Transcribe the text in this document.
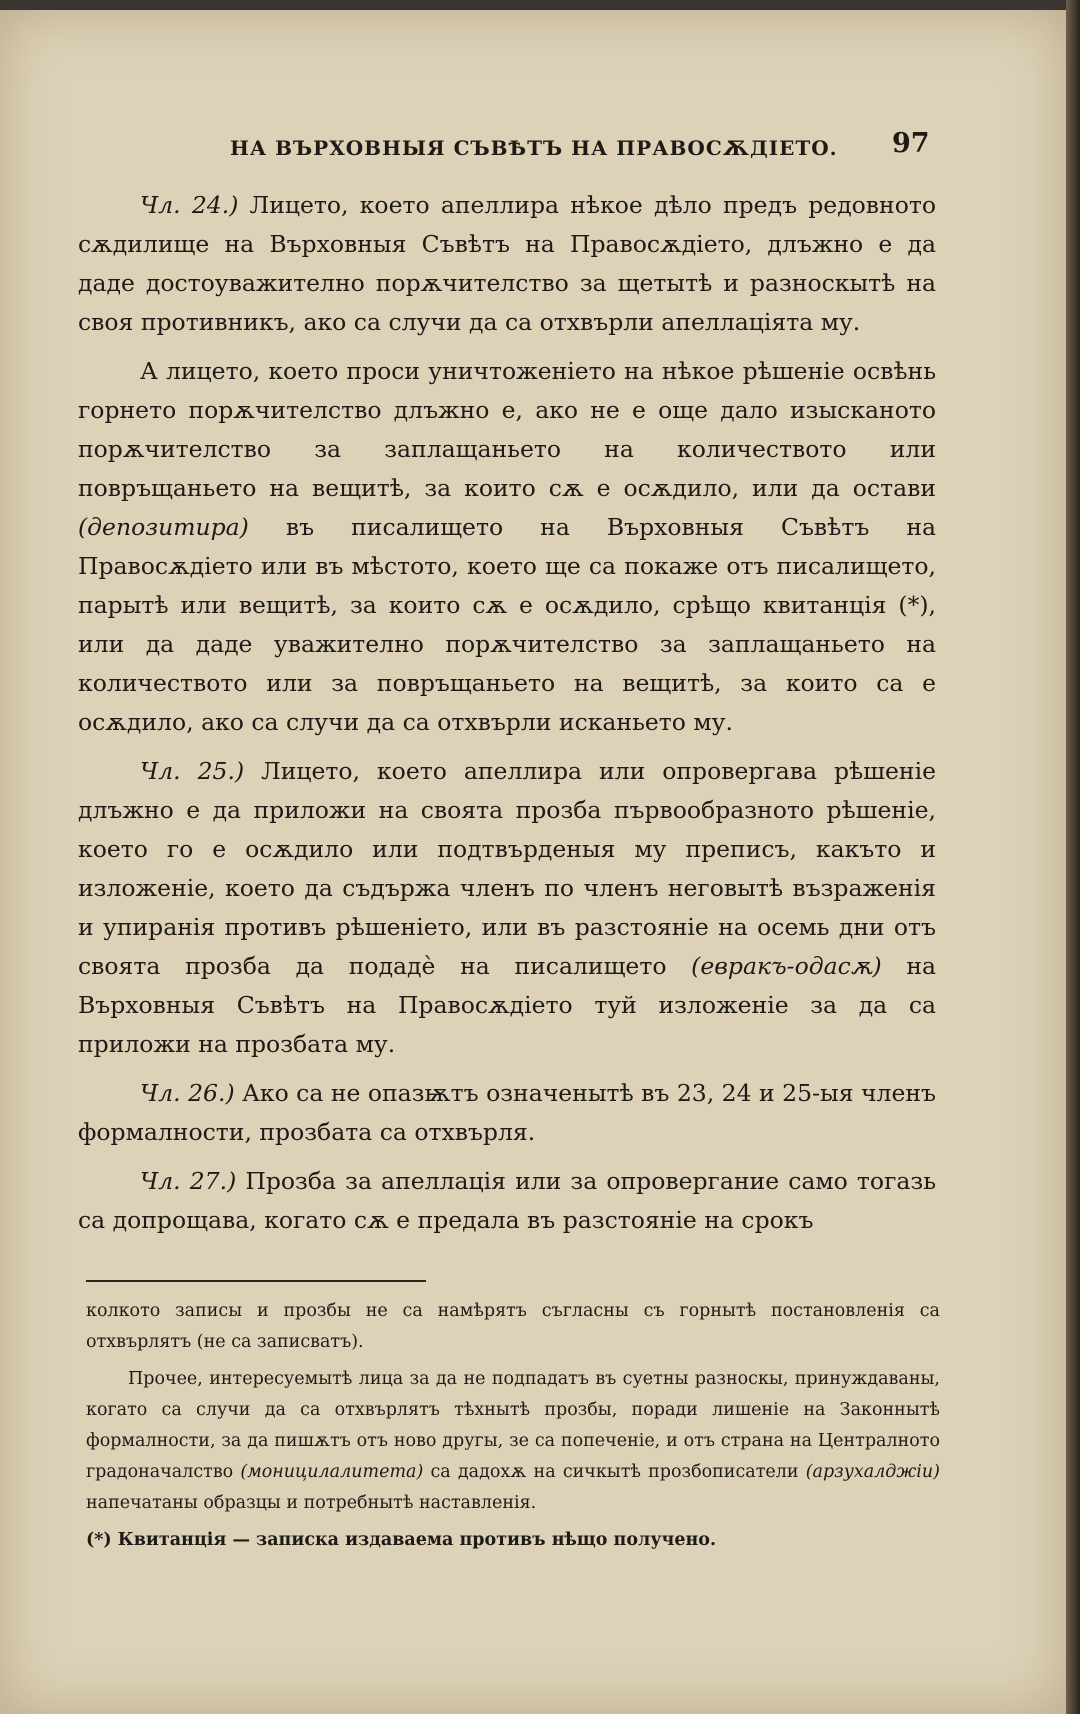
НА ВЪРХОВНЫЯ СЪВѢТЪ НА ПРАВОСѪДІЕТО. 97

Чл. 24.) Лицето, което апеллира нѣкое дѣло предъ редовното сѫдилище на Върховныя Съвѣтъ на Правосѫдіето, длъжно е да даде достоуважително порѫчителство за щетытѣ и разноскытѣ на своя противникъ, ако са случи да са отхвърли апеллаціята му.

А лицето, което проси уничтоженіето на нѣкое рѣшеніе освѣнь горнето порѫчителство длъжно е, ако не е още дало изысканото порѫчителство за заплащаньето на количеството или повръщаньето на вещитѣ, за които сѫ е осѫдило, или да остави (депозитира) въ писалището на Върховныя Съвѣтъ на Правосѫдіето или въ мѣстото, което ще са покаже отъ писалището, парытѣ или вещитѣ, за които сѫ е осѫдило, срѣщо квитанція (*), или да даде уважително порѫчителство за заплащаньето на количеството или за повръщаньето на вещитѣ, за които са е осѫдило, ако са случи да са отхвърли исканьето му.

Чл. 25.) Лицето, което апеллира или опровергава рѣшеніе длъжно е да приложи на своята прозба първообразното рѣшеніе, което го е осѫдило или подтвърденыя му преписъ, какъто и изложеніе, което да съдържа членъ по членъ неговытѣ възраженія и упиранія противъ рѣшеніето, или въ разстояніе на осемь дни отъ своята прозба да подадѐ на писалището (евракъ-одасѫ) на Върховныя Съвѣтъ на Правосѫдіето туй изложеніе за да са приложи на прозбата му.

Чл. 26.) Ако са не опазѭтъ означенытѣ въ 23, 24 и 25-ыя членъ формалности, прозбата са отхвърля.

Чл. 27.) Прозба за апеллація или за опровергание само тогазь са допрощава, когато сѫ е предала въ разстояніе на срокъ

колкото записы и прозбы не са намѣрятъ съгласны съ горнытѣ постановленія са отхвърлятъ (не са записватъ).

Прочее, интересуемытѣ лица за да не подпадатъ въ суетны разноскы, принуждаваны, когато са случи да са отхвърлятъ тѣхнытѣ прозбы, поради лишеніе на Законнытѣ формалности, за да пишѫтъ отъ ново другы, зе са попеченіе, и отъ страна на Централното градоначалство (моницилалитета) са дадохѫ на сичкытѣ прозбописатели (арзухалджіи) напечатаны образцы и потребнытѣ наставленія.

(*) Квитанція — записка издавaема противъ нѣщо получено.
